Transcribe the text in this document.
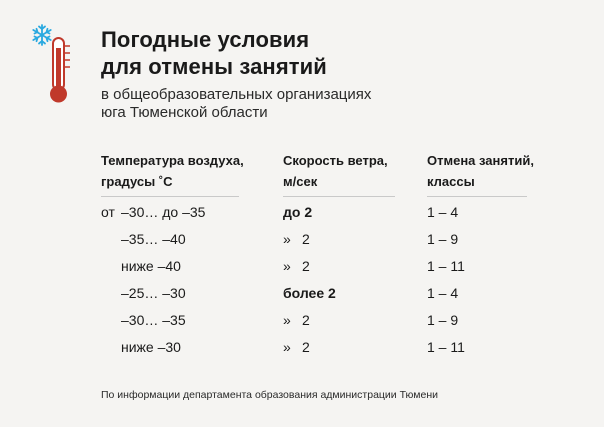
Погодные условия
для отмены занятий
в общеобразовательных организациях
юга Тюменской области
Температура воздуха,
градусы ˚С
Скорость ветра,
м/сек
Отмена занятий,
классы
от –30… до –35	до 2	1 – 4
–35… –40	» 2	1 – 9
ниже –40	» 2	1 – 11
–25… –30	более 2	1 – 4
–30… –35	» 2	1 – 9
ниже –30	» 2	1 – 11
По информации департамента образования администрации Тюмени
